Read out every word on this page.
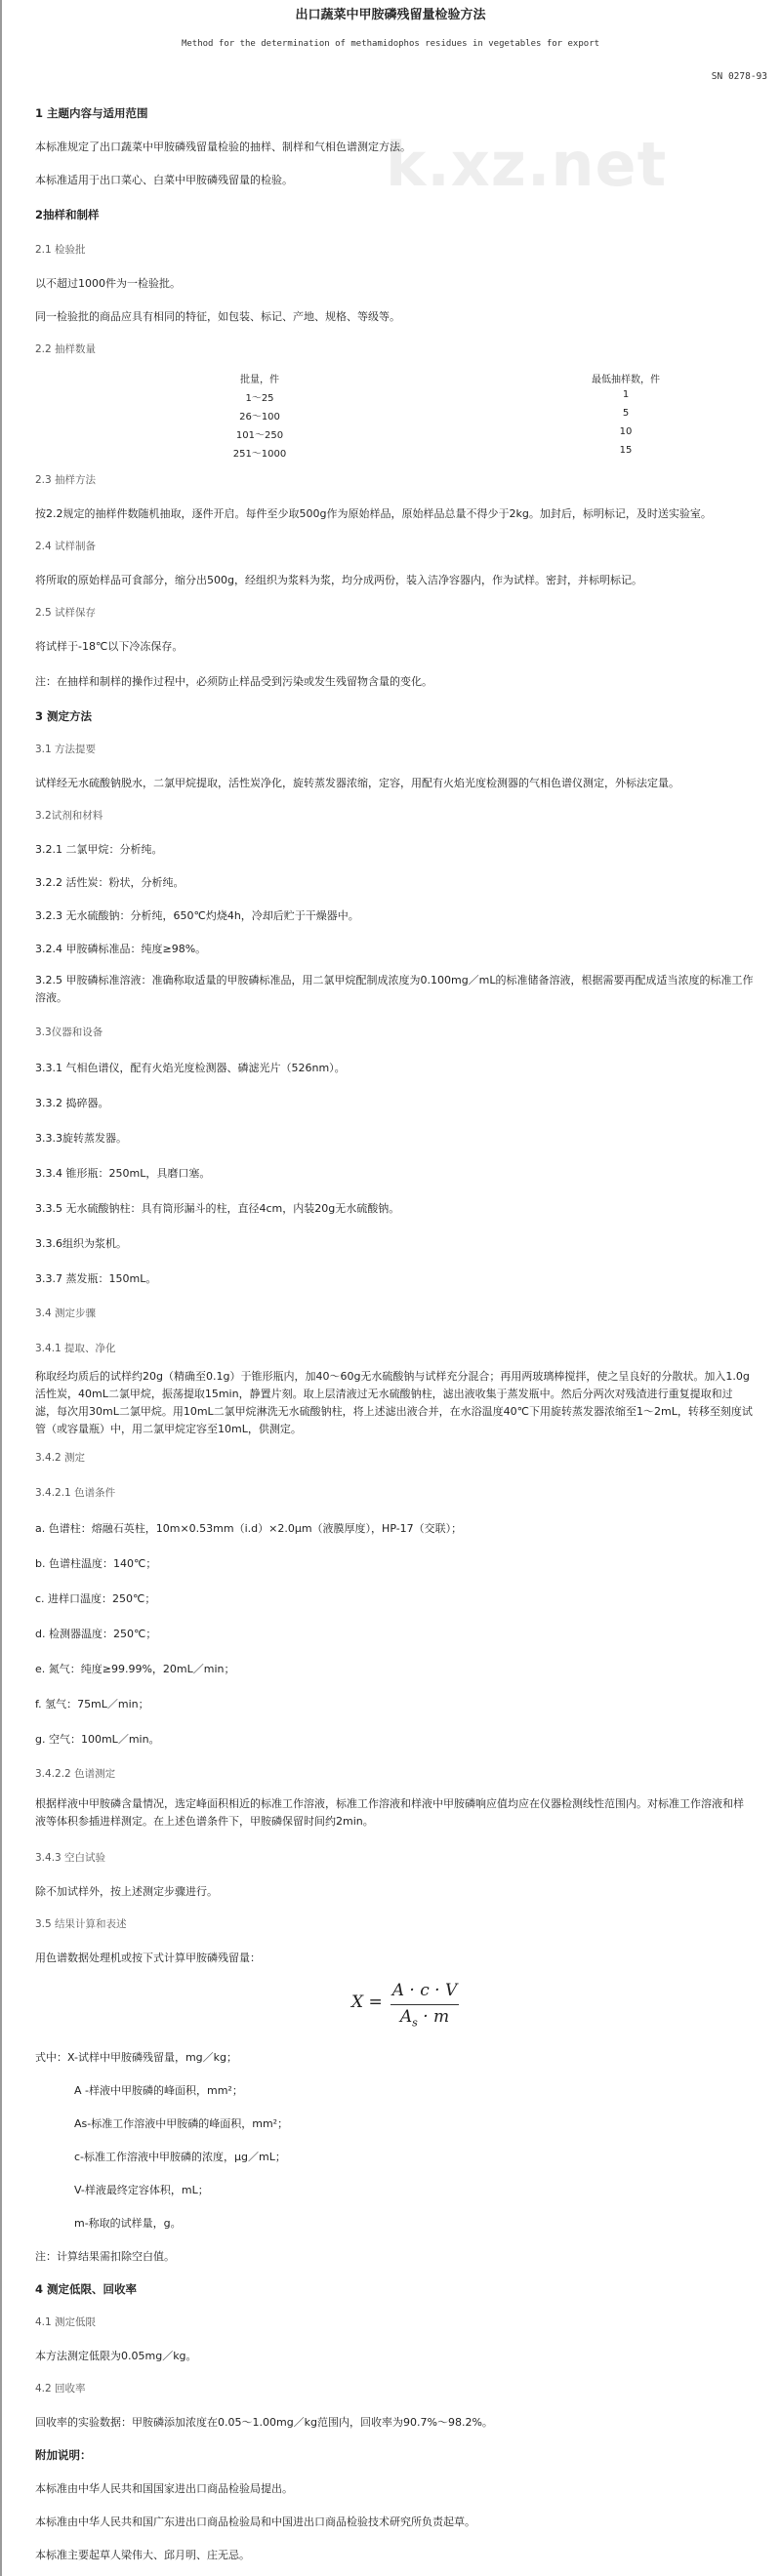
出口蔬菜中甲胺磷残留量检验方法
Method for the determination of methamidophos residues in vegetables for export
SN 0278-93
k.xz.net
1 主题内容与适用范围
本标准规定了出口蔬菜中甲胺磷残留量检验的抽样、制样和气相色谱测定方法。
本标准适用于出口菜心、白菜中甲胺磷残留量的检验。
2抽样和制样
2.1 检验批
以不超过1000件为一检验批。
同一检验批的商品应具有相同的特征，如包装、标记、产地、规格、等级等。
2.2 抽样数量
批量，件	最低抽样数，件
1～25	1
26～100	5
101～250	10
251～1000	15
2.3 抽样方法
按2.2规定的抽样件数随机抽取，逐件开启。每件至少取500g作为原始样品，原始样品总量不得少于2kg。加封后，标明标记，及时送实验室。
2.4 试样制备
将所取的原始样品可食部分，缩分出500g，经组织为浆料为浆，均分成两份，装入洁净容器内，作为试样。密封，并标明标记。
2.5 试样保存
将试样于-18℃以下冷冻保存。
注：在抽样和制样的操作过程中，必须防止样品受到污染或发生残留物含量的变化。
3 测定方法
3.1 方法提要
试样经无水硫酸钠脱水，二氯甲烷提取，活性炭净化，旋转蒸发器浓缩，定容，用配有火焰光度检测器的气相色谱仪测定，外标法定量。
3.2试剂和材料
3.2.1 二氯甲烷：分析纯。
3.2.2 活性炭：粉状，分析纯。
3.2.3 无水硫酸钠：分析纯，650℃灼烧4h，冷却后贮于干燥器中。
3.2.4 甲胺磷标准品：纯度≥98%。
3.2.5 甲胺磷标准溶液：准确称取适量的甲胺磷标准品，用二氯甲烷配制成浓度为0.100mg／mL的标准储备溶液，根据需要再配成适当浓度的标准工作溶液。
3.3仪器和设备
3.3.1 气相色谱仪，配有火焰光度检测器、磷滤光片（526nm）。
3.3.2 捣碎器。
3.3.3旋转蒸发器。
3.3.4 锥形瓶：250mL，具磨口塞。
3.3.5 无水硫酸钠柱：具有筒形漏斗的柱，直径4cm，内装20g无水硫酸钠。
3.3.6组织为浆机。
3.3.7 蒸发瓶：150mL。
3.4 测定步骤
3.4.1 提取、净化
称取经均质后的试样约20g（精确至0.1g）于锥形瓶内，加40～60g无水硫酸钠与试样充分混合；再用两玻璃棒搅拌，使之呈良好的分散状。加入1.0g活性炭，40mL二氯甲烷，振荡提取15min，静置片刻。取上层清液过无水硫酸钠柱，滤出液收集于蒸发瓶中。然后分两次对残渣进行重复提取和过滤，每次用30mL二氯甲烷。用10mL二氯甲烷淋洗无水硫酸钠柱，将上述滤出液合并，在水浴温度40℃下用旋转蒸发器浓缩至1～2mL，转移至刻度试管（或容量瓶）中，用二氯甲烷定容至10mL，供测定。
3.4.2 测定
3.4.2.1 色谱条件
a. 色谱柱：熔融石英柱，10m×0.53mm（i.d）×2.0μm（液膜厚度），HP-17（交联）；
b. 色谱柱温度：140℃；
c. 进样口温度：250℃；
d. 检测器温度：250℃；
e. 氮气：纯度≥99.99%，20mL／min；
f. 氢气：75mL／min；
g. 空气：100mL／min。
3.4.2.2 色谱测定
根据样液中甲胺磷含量情况，选定峰面积相近的标准工作溶液，标准工作溶液和样液中甲胺磷响应值均应在仪器检测线性范围内。对标准工作溶液和样液等体积参插进样测定。在上述色谱条件下，甲胺磷保留时间约2min。
3.4.3 空白试验
除不加试样外，按上述测定步骤进行。
3.5 结果计算和表述
用色谱数据处理机或按下式计算甲胺磷残留量：
X =
A · c · V
$A_s \cdot m$
式中：X-试样中甲胺磷残留量，mg／kg；
A -样液中甲胺磷的峰面积，mm²；
As-标准工作溶液中甲胺磷的峰面积，mm²；
c-标准工作溶液中甲胺磷的浓度，μg／mL；
V-样液最终定容体积，mL；
m-称取的试样量，g。
注：计算结果需扣除空白值。
4 测定低限、回收率
4.1 测定低限
本方法测定低限为0.05mg／kg。
4.2 回收率
回收率的实验数据：甲胺磷添加浓度在0.05～1.00mg／kg范围内，回收率为90.7%～98.2%。
附加说明：
本标准由中华人民共和国国家进出口商品检验局提出。
本标准由中华人民共和国广东进出口商品检验局和中国进出口商品检验技术研究所负责起草。
本标准主要起草人梁伟大、邱月明、庄无忌。
